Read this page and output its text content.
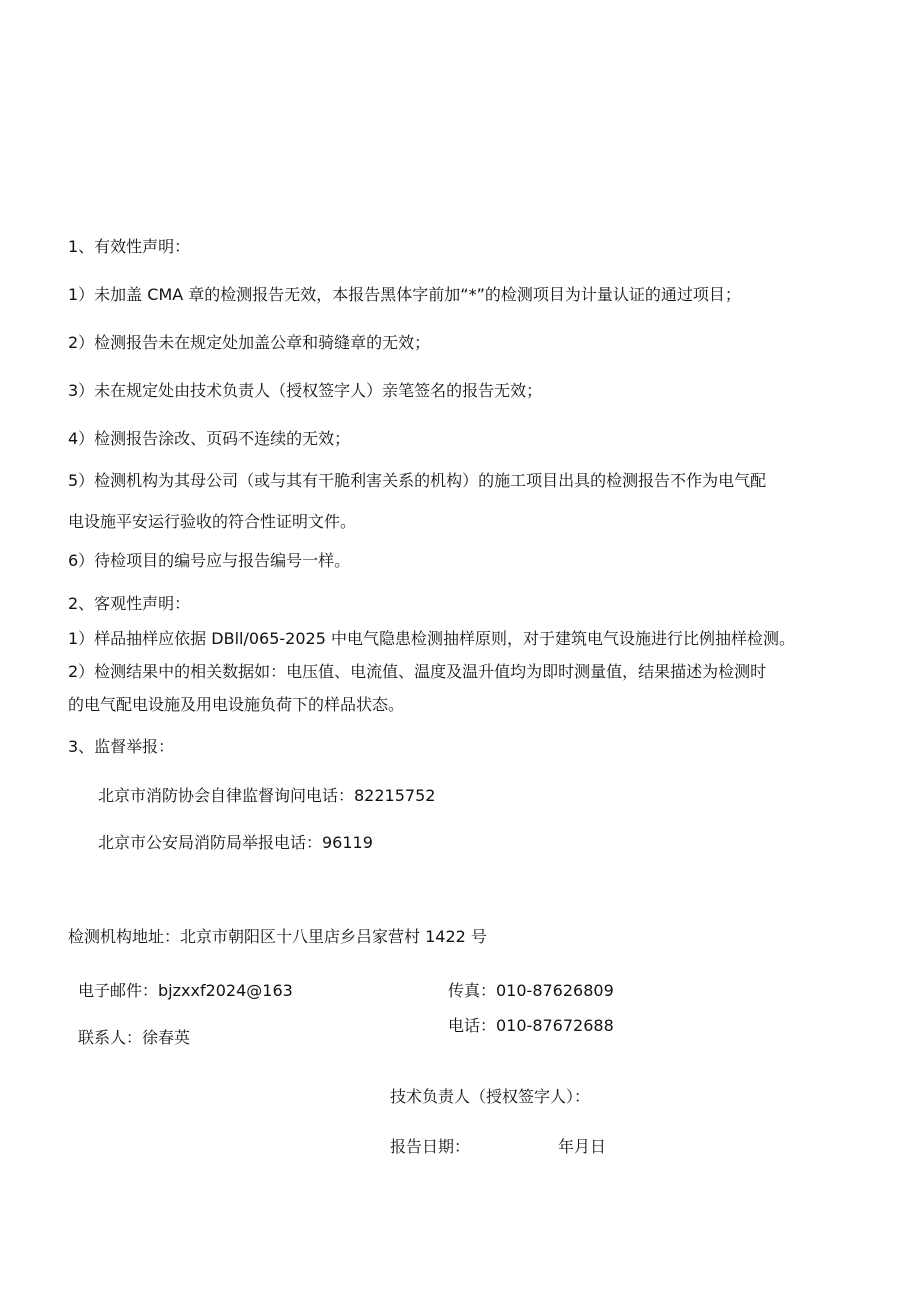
1、有效性声明：
1）未加盖 CMA 章的检测报告无效，本报告黑体字前加“*”的检测项目为计量认证的通过项目；
2）检测报告未在规定处加盖公章和骑缝章的无效；
3）未在规定处由技术负责人（授权签字人）亲笔签名的报告无效；
4）检测报告涂改、页码不连续的无效；
5）检测机构为其母公司（或与其有干脆利害关系的机构）的施工项目出具的检测报告不作为电气配
电设施平安运行验收的符合性证明文件。
6）待检项目的编号应与报告编号一样。
2、客观性声明：
1）样品抽样应依据 DBll/065-2025 中电气隐患检测抽样原则，对于建筑电气设施进行比例抽样检测。
2）检测结果中的相关数据如：电压值、电流值、温度及温升值均为即时测量值，结果描述为检测时
的电气配电设施及用电设施负荷下的样品状态。
3、监督举报：
北京市消防协会自律监督询问电话：82215752
北京市公安局消防局举报电话：96119
检测机构地址：北京市朝阳区十八里店乡吕家营村 1422 号
电子邮件：bjzxxf2024@163	传真：010-87626809
电话：010-87672688
联系人：徐春英
技术负责人（授权签字人）：
报告日期：	年月日
